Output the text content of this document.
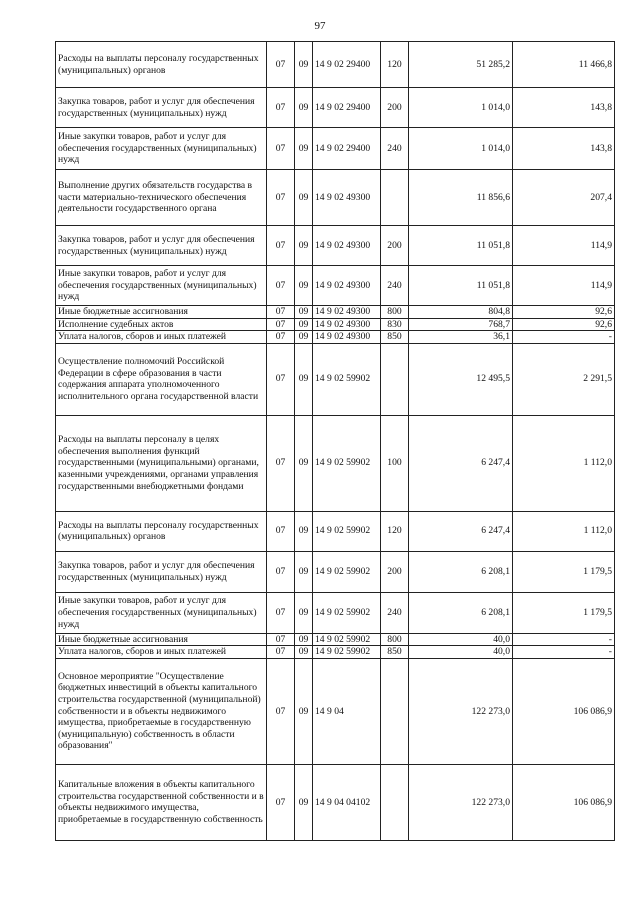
97
Расходы на выплаты персоналу государственных (муниципальных) органов	07	09	14 9 02 29400	120	51 285,2	11 466,8
Закупка товаров, работ и услуг для обеспечения государственных (муниципальных) нужд	07	09	14 9 02 29400	200	1 014,0	143,8
Иные закупки товаров, работ и услуг для обеспечения государственных (муниципальных) нужд	07	09	14 9 02 29400	240	1 014,0	143,8
Выполнение других обязательств государства в части материально-технического обеспечения деятельности государственного органа	07	09	14 9 02 49300		11 856,6	207,4
Закупка товаров, работ и услуг для обеспечения государственных (муниципальных) нужд	07	09	14 9 02 49300	200	11 051,8	114,9
Иные закупки товаров, работ и услуг для обеспечения государственных (муниципальных) нужд	07	09	14 9 02 49300	240	11 051,8	114,9
Иные бюджетные ассигнования	07	09	14 9 02 49300	800	804,8	92,6
Исполнение судебных актов	07	09	14 9 02 49300	830	768,7	92,6
Уплата налогов, сборов и иных платежей	07	09	14 9 02 49300	850	36,1	-
Осуществление полномочий Российской Федерации в сфере образования в части содержания аппарата уполномоченного исполнительного органа государственной власти	07	09	14 9 02 59902		12 495,5	2 291,5
Расходы на выплаты персоналу в целях обеспечения выполнения функций государственными (муниципальными) органами, казенными учреждениями, органами управления государственными внебюджетными фондами	07	09	14 9 02 59902	100	6 247,4	1 112,0
Расходы на выплаты персоналу государственных (муниципальных) органов	07	09	14 9 02 59902	120	6 247,4	1 112,0
Закупка товаров, работ и услуг для обеспечения государственных (муниципальных) нужд	07	09	14 9 02 59902	200	6 208,1	1 179,5
Иные закупки товаров, работ и услуг для обеспечения государственных (муниципальных) нужд	07	09	14 9 02 59902	240	6 208,1	1 179,5
Иные бюджетные ассигнования	07	09	14 9 02 59902	800	40,0	-
Уплата налогов, сборов и иных платежей	07	09	14 9 02 59902	850	40,0	-
Основное мероприятие "Осуществление бюджетных инвестиций в объекты капитального строительства государственной (муниципальной) собственности и в объекты недвижимого имущества, приобретаемые в государственную (муниципальную) собственность в области образования"	07	09	14 9 04		122 273,0	106 086,9
Капитальные вложения в объекты капитального строительства государственной собственности и в объекты недвижимого имущества, приобретаемые в государственную собственность	07	09	14 9 04 04102		122 273,0	106 086,9
